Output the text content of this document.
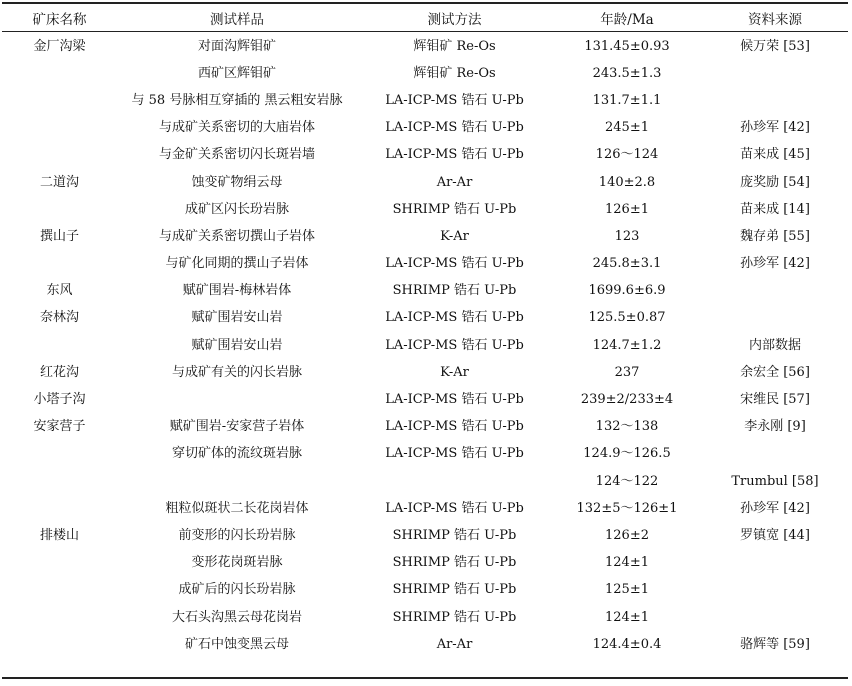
矿床名称	测试样品	测试方法	年龄/Ma	资料来源
金厂沟梁	对面沟辉钼矿	辉钼矿 Re-Os	131.45±0.93	候万荣 [53]
	西矿区辉钼矿	辉钼矿 Re-Os	243.5±1.3	
	与 58 号脉相互穿插的 黑云粗安岩脉	LA-ICP-MS 锆石 U-Pb	131.7±1.1	
	与成矿关系密切的大庙岩体	LA-ICP-MS 锆石 U-Pb	245±1	孙珍军 [42]
	与金矿关系密切闪长斑岩墙	LA-ICP-MS 锆石 U-Pb	126～124	苗来成 [45]
二道沟	蚀变矿物绢云母	Ar-Ar	140±2.8	庞奖励 [54]
	成矿区闪长玢岩脉	SHRIMP 锆石 U-Pb	126±1	苗来成 [14]
撰山子	与成矿关系密切撰山子岩体	K-Ar	123	魏存弟 [55]
	与矿化同期的撰山子岩体	LA-ICP-MS 锆石 U-Pb	245.8±3.1	孙珍军 [42]
东风	赋矿围岩-梅林岩体	SHRIMP 锆石 U-Pb	1699.6±6.9	
奈林沟	赋矿围岩安山岩	LA-ICP-MS 锆石 U-Pb	125.5±0.87	
	赋矿围岩安山岩	LA-ICP-MS 锆石 U-Pb	124.7±1.2	内部数据
红花沟	与成矿有关的闪长岩脉	K-Ar	237	余宏全 [56]
小塔子沟		LA-ICP-MS 锆石 U-Pb	239±2/233±4	宋维民 [57]
安家营子	赋矿围岩-安家营子岩体	LA-ICP-MS 锆石 U-Pb	132～138	李永刚 [9]
	穿切矿体的流纹斑岩脉	LA-ICP-MS 锆石 U-Pb	124.9～126.5	
			124～122	Trumbul [58]
	粗粒似斑状二长花岗岩体	LA-ICP-MS 锆石 U-Pb	132±5～126±1	孙珍军 [42]
排楼山	前变形的闪长玢岩脉	SHRIMP 锆石 U-Pb	126±2	罗镇宽 [44]
	变形花岗斑岩脉	SHRIMP 锆石 U-Pb	124±1	
	成矿后的闪长玢岩脉	SHRIMP 锆石 U-Pb	125±1	
	大石头沟黑云母花岗岩	SHRIMP 锆石 U-Pb	124±1	
	矿石中蚀变黑云母	Ar-Ar	124.4±0.4	骆辉等 [59]
